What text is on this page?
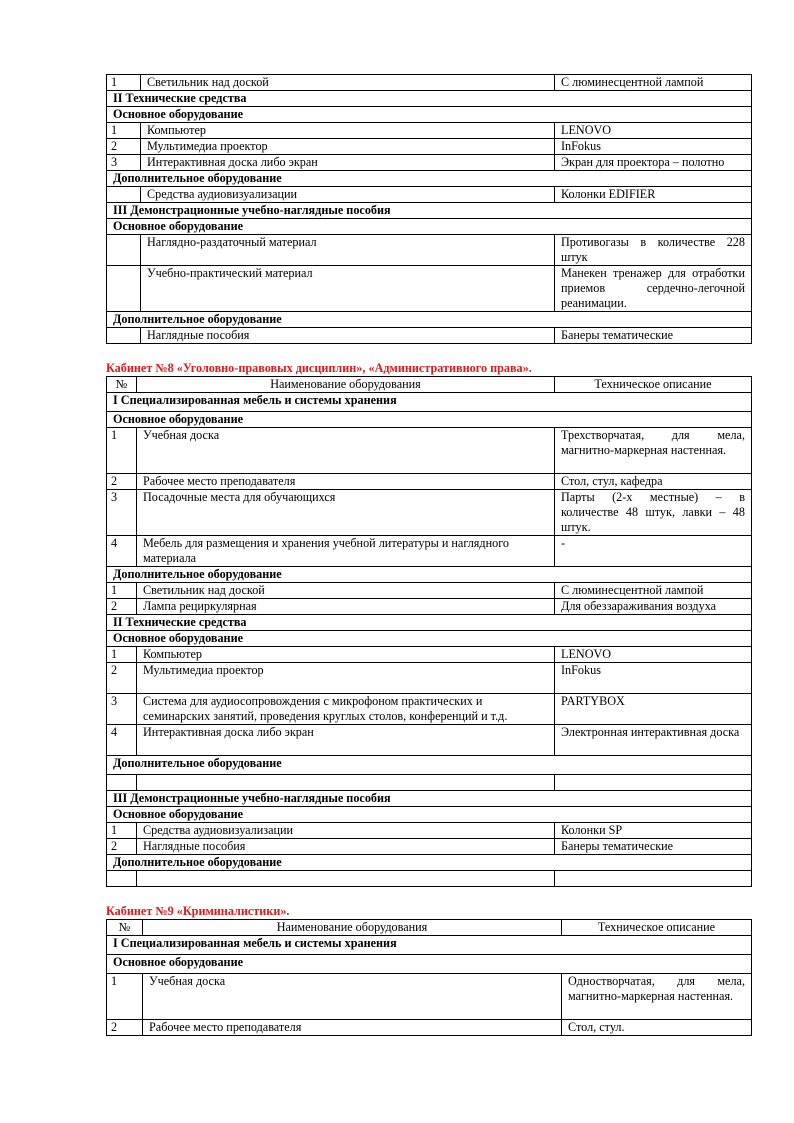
1	Светильник над доской	С люминесцентной лампой
II Технические средства		
Основное оборудование		
1	Компьютер	LENOVO
2	Мультимедиа проектор	InFokus
3	Интерактивная доска либо экран	Экран для проектора – полотно
Дополнительное оборудование		
	Средства аудиовизуализации	Колонки EDIFIER
III Демонстрационные учебно-наглядные пособия		
Основное оборудование		
	Наглядно-раздаточный материал	Противогазы в количестве 228 штук
	Учебно-практический материал	Манекен тренажер для отработки приемов сердечно-легочной реанимации.
Дополнительное оборудование		
	Наглядные пособия	Банеры тематические
Кабинет №8 «Уголовно-правовых дисциплин», «Административного права».
№	Наименование оборудования	Техническое описание
I Специализированная мебель и системы хранения		
Основное оборудование		
1	Учебная доска	Трехстворчатая, для мела, магнитно-маркерная настенная.
2	Рабочее место преподавателя	Стол, стул, кафедра
3	Посадочные места для обучающихся	Парты (2-х местные) – в количестве 48 штук, лавки – 48 штук.
4	Мебель для размещения и хранения учебной литературы и наглядного материала	-
Дополнительное оборудование		
1	Светильник над доской	С люминесцентной лампой
2	Лампа рециркулярная	Для обеззараживания воздуха
II Технические средства		
Основное оборудование		
1	Компьютер	LENOVO
2	Мультимедиа проектор	InFokus
3	Система для аудиосопровождения с микрофоном практических и семинарских занятий, проведения круглых столов, конференций и т.д.	PARTYBOX
4	Интерактивная доска либо экран	Электронная интерактивная доска
Дополнительное оборудование		

III Демонстрационные учебно-наглядные пособия		
Основное оборудование		
1	Средства аудиовизуализации	Колонки SP
2	Наглядные пособия	Банеры тематические
Дополнительное оборудование		

Кабинет №9 «Криминалистики».
№	Наименование оборудования	Техническое описание
I Специализированная мебель и системы хранения		
Основное оборудование		
1	Учебная доска	Одностворчатая, для мела, магнитно-маркерная настенная.
2	Рабочее место преподавателя	Стол, стул.
